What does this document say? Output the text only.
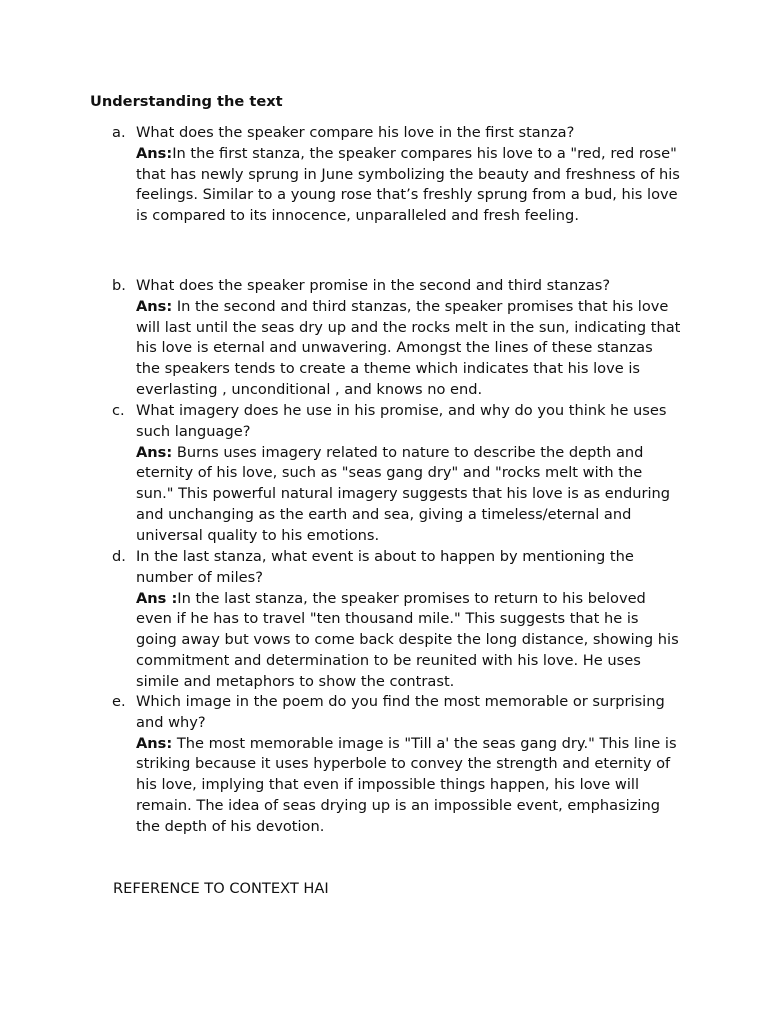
Understanding the text
a. What does the speaker compare his love in the first stanza?

Ans:In the first stanza, the speaker compares his love to a "red, red rose" that has newly sprung in June symbolizing the beauty and freshness of his feelings. Similar to a young rose that’s freshly sprung from a bud, his love is compared to its innocence, unparalleled and fresh feeling.

b. What does the speaker promise in the second and third stanzas?

Ans: In the second and third stanzas, the speaker promises that his love will last until the seas dry up and the rocks melt in the sun, indicating that his love is eternal and unwavering. Amongst the lines of these stanzas the speakers tends to create a theme which indicates that his love is everlasting , unconditional , and knows no end.

c. What imagery does he use in his promise, and why do you think he uses such language?

Ans: Burns uses imagery related to nature to describe the depth and eternity of his love, such as "seas gang dry" and "rocks melt with the sun." This powerful natural imagery suggests that his love is as enduring and unchanging as the earth and sea, giving a timeless/eternal and universal quality to his emotions.

d. In the last stanza, what event is about to happen by mentioning the number of miles?

Ans :In the last stanza, the speaker promises to return to his beloved even if he has to travel "ten thousand mile." This suggests that he is going away but vows to come back despite the long distance, showing his commitment and determination to be reunited with his love. He uses simile and metaphors to show the contrast.

e. Which image in the poem do you find the most memorable or surprising and why?

Ans: The most memorable image is "Till a' the seas gang dry." This line is striking because it uses hyperbole to convey the strength and eternity of his love, implying that even if impossible things happen, his love will remain. The idea of seas drying up is an impossible event, emphasizing the depth of his devotion.

REFERENCE TO CONTEXT HAI
